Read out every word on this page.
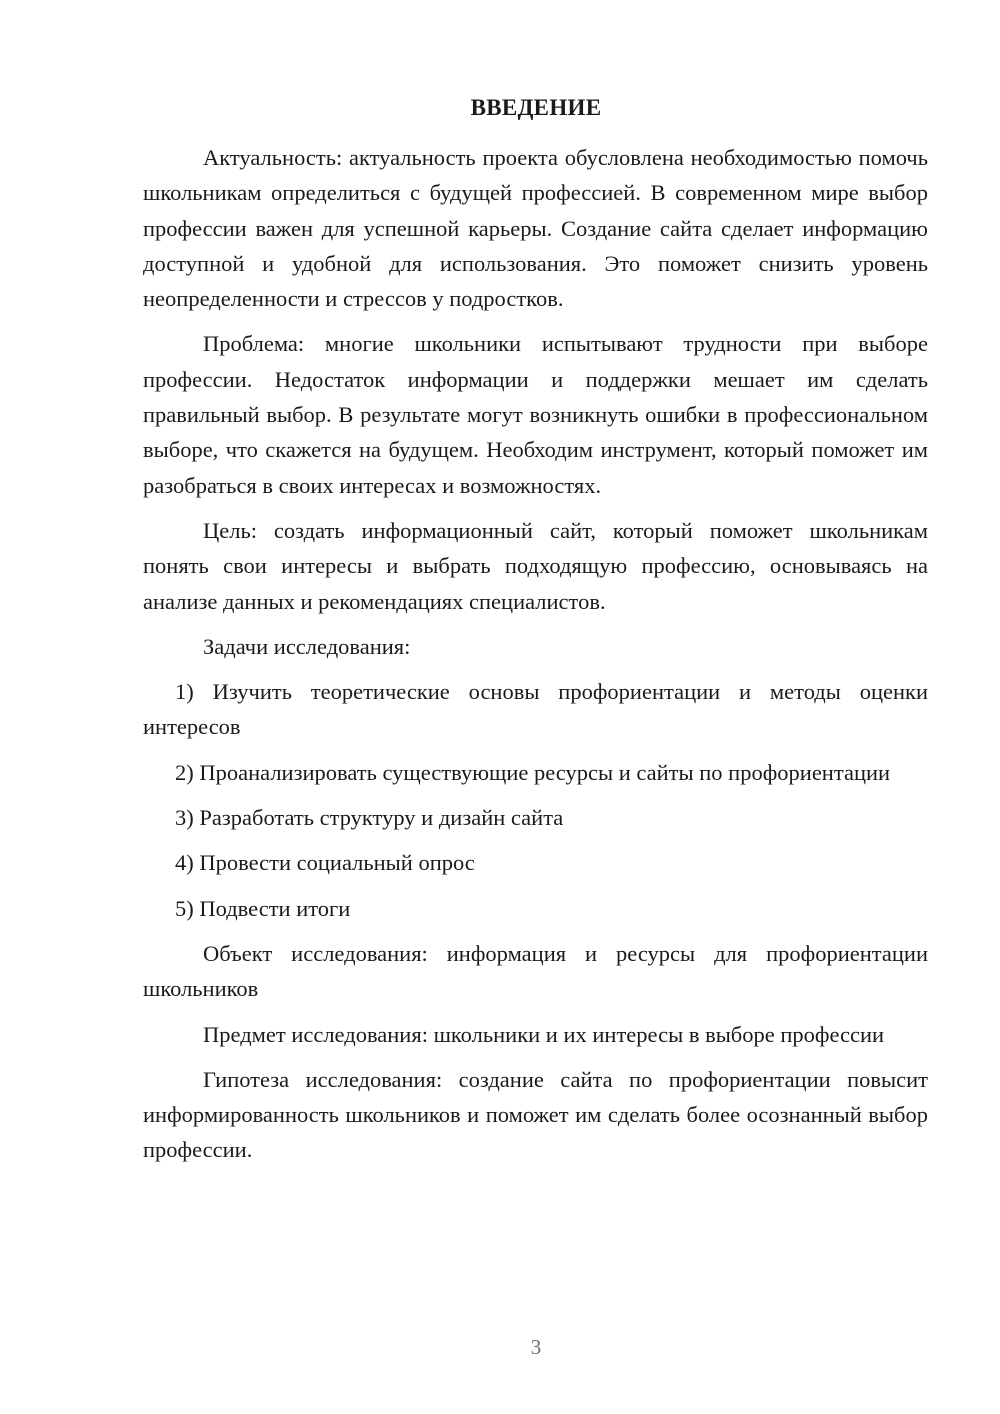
ВВЕДЕНИЕ

Актуальность: актуальность проекта обусловлена необходимостью помочь школьникам определиться с будущей профессией. В современном мире выбор профессии важен для успешной карьеры. Создание сайта сделает информацию доступной и удобной для использования. Это поможет снизить уровень неопределенности и стрессов у подростков.

Проблема: многие школьники испытывают трудности при выборе профессии. Недостаток информации и поддержки мешает им сделать правильный выбор. В результате могут возникнуть ошибки в профессиональном выборе, что скажется на будущем. Необходим инструмент, который поможет им разобраться в своих интересах и возможностях.

Цель: создать информационный сайт, который поможет школьникам понять свои интересы и выбрать подходящую профессию, основываясь на анализе данных и рекомендациях специалистов.

Задачи исследования:

1) Изучить теоретические основы профориентации и методы оценки интересов

2) Проанализировать существующие ресурсы и сайты по профориентации

3) Разработать структуру и дизайн сайта

4) Провести социальный опрос

5) Подвести итоги

Объект исследования: информация и ресурсы для профориентации школьников

Предмет исследования: школьники и их интересы в выборе профессии

Гипотеза исследования: создание сайта по профориентации повысит информированность школьников и поможет им сделать более осознанный выбор профессии.

3
